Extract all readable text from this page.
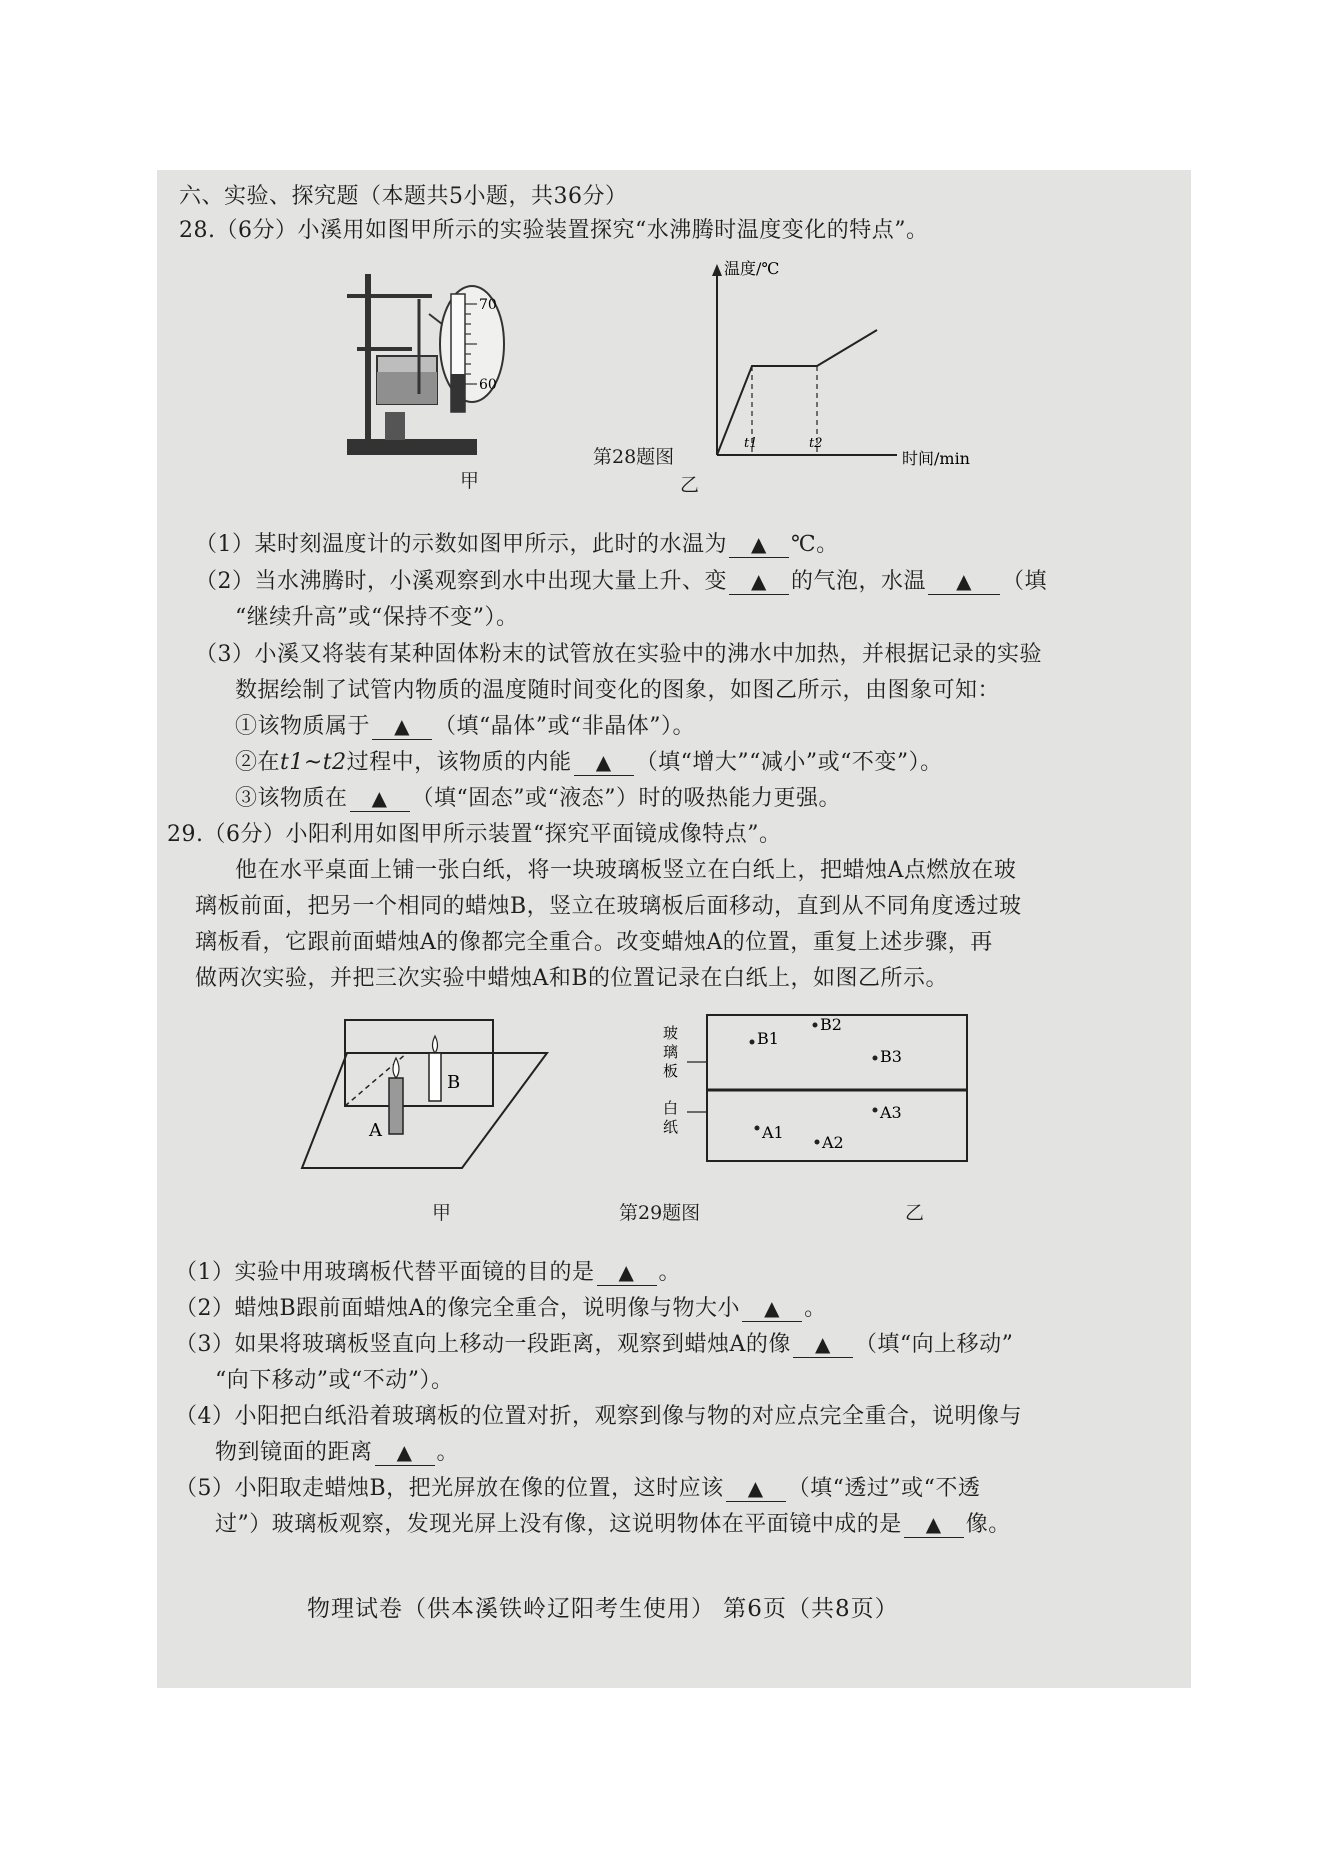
六、实验、探究题（本题共5小题，共36分）
28.（6分）小溪用如图甲所示的实验装置探究“水沸腾时温度变化的特点”。
70
60
甲
温度/℃
时间/min
t1	t2
乙
第28题图
（1）某时刻温度计的示数如图甲所示，此时的水温为 ▲ ℃。
（2）当水沸腾时，小溪观察到水中出现大量上升、变 ▲ 的气泡，水温 ▲ （填
“继续升高”或“保持不变”）。
（3）小溪又将装有某种固体粉末的试管放在实验中的沸水中加热，并根据记录的实验
数据绘制了试管内物质的温度随时间变化的图象，如图乙所示，由图象可知：
①该物质属于 ▲ （填“晶体”或“非晶体”）。
②在t1~t2过程中，该物质的内能 ▲ （填“增大”“减小”或“不变”）。
③该物质在 ▲ （填“固态”或“液态”）时的吸热能力更强。
29.（6分）小阳利用如图甲所示装置“探究平面镜成像特点”。
他在水平桌面上铺一张白纸，将一块玻璃板竖立在白纸上，把蜡烛A点燃放在玻
璃板前面，把另一个相同的蜡烛B，竖立在玻璃板后面移动，直到从不同角度透过玻
璃板看，它跟前面蜡烛A的像都完全重合。改变蜡烛A的位置，重复上述步骤，再
做两次实验，并把三次实验中蜡烛A和B的位置记录在白纸上，如图乙所示。
B
A
甲	第29题图
玻
璃
板
白
纸
B1
B2
B3
A1
A2
A3
乙
（1）实验中用玻璃板代替平面镜的目的是 ▲ 。
（2）蜡烛B跟前面蜡烛A的像完全重合，说明像与物大小 ▲ 。
（3）如果将玻璃板竖直向上移动一段距离，观察到蜡烛A的像 ▲ （填“向上移动”
“向下移动”或“不动”）。
（4）小阳把白纸沿着玻璃板的位置对折，观察到像与物的对应点完全重合，说明像与
物到镜面的距离 ▲ 。
（5）小阳取走蜡烛B，把光屏放在像的位置，这时应该 ▲ （填“透过”或“不透
过”）玻璃板观察，发现光屏上没有像，这说明物体在平面镜中成的是 ▲ 像。
物理试卷（供本溪铁岭辽阳考生使用） 第6页（共8页）
